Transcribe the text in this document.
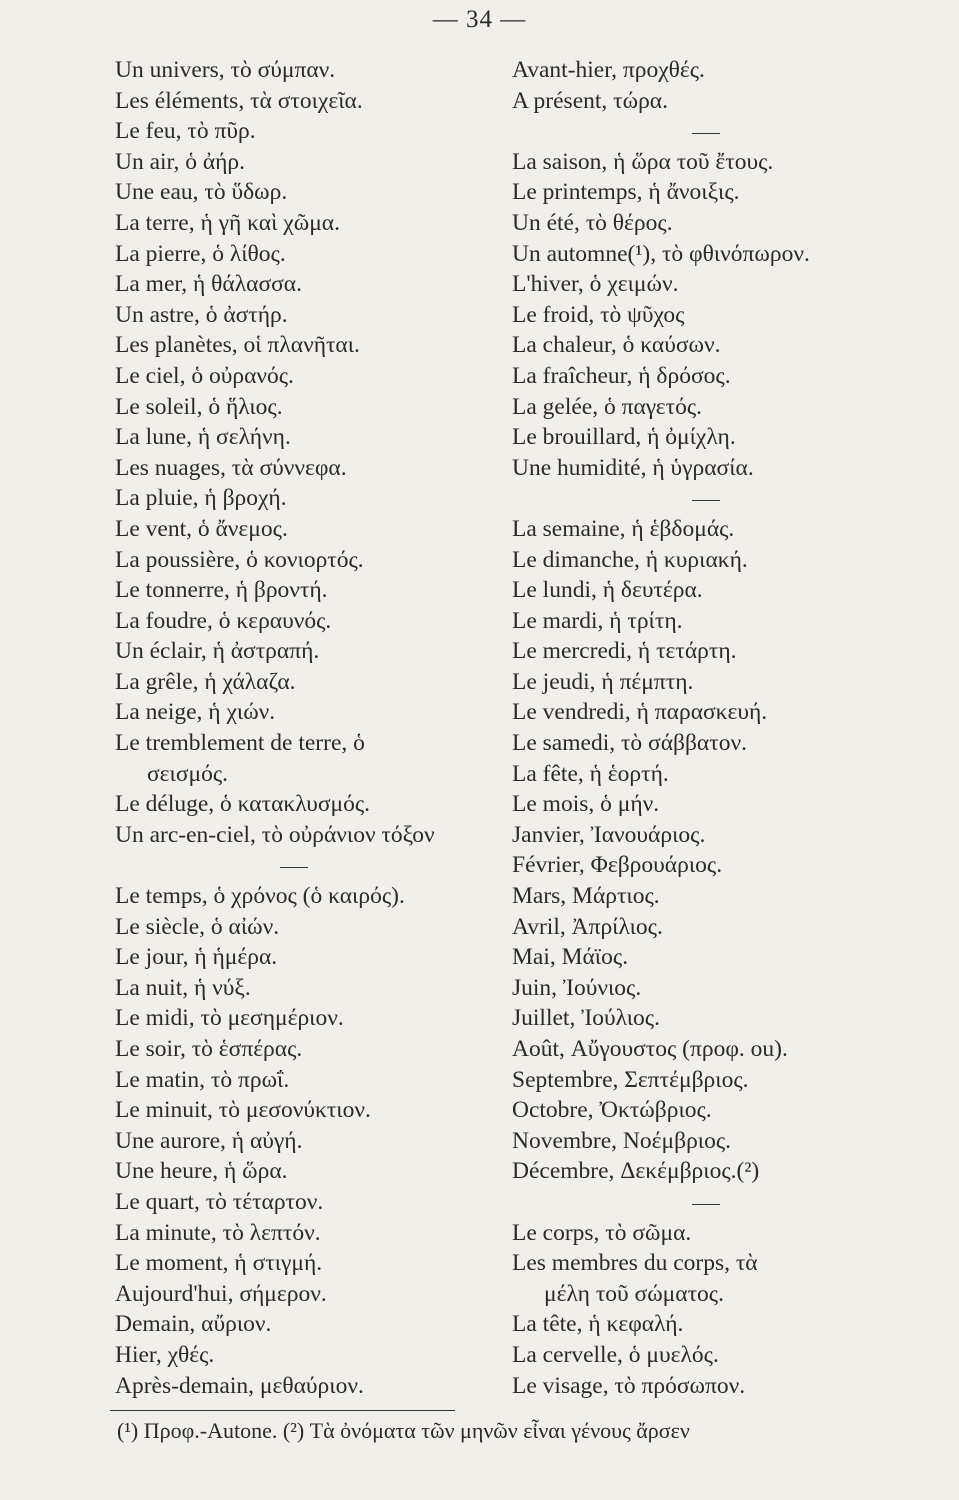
— 34 —
Un univers, τὸ σύμπαν.
Les éléments, τὰ στοιχεῖα.
Le feu, τὸ πῦρ.
Un air, ὁ ἀήρ.
Une eau, τὸ ὕδωρ.
La terre, ἡ γῆ καὶ χῶμα.
La pierre, ὁ λίθος.
La mer, ἡ θάλασσα.
Un astre, ὁ ἀστήρ.
Les planètes, οἱ πλανῆται.
Le ciel, ὁ οὐρανός.
Le soleil, ὁ ἥλιος.
La lune, ἡ σελήνη.
Les nuages, τὰ σύννεφα.
La pluie, ἡ βροχή.
Le vent, ὁ ἄνεμος.
La poussière, ὁ κονιορτός.
Le tonnerre, ἡ βροντή.
La foudre, ὁ κεραυνός.
Un éclair, ἡ ἀστραπή.
La grêle, ἡ χάλαζα.
La neige, ἡ χιών.
Le tremblement de terre, ὁ
σεισμός.
Le déluge, ὁ κατακλυσμός.
Un arc-en-ciel, τὸ οὐράνιον τόξον
Le temps, ὁ χρόνος (ὁ καιρός).
Le siècle, ὁ αἰών.
Le jour, ἡ ἡμέρα.
La nuit, ἡ νύξ.
Le midi, τὸ μεσημέριον.
Le soir, τὸ ἑσπέρας.
Le matin, τὸ πρωΐ.
Le minuit, τὸ μεσονύκτιον.
Une aurore, ἡ αὐγή.
Une heure, ἡ ὥρα.
Le quart, τὸ τέταρτον.
La minute, τὸ λεπτόν.
Le moment, ἡ στιγμή.
Aujourd'hui, σήμερον.
Demain, αὔριον.
Hier, χθές.
Après-demain, μεθαύριον.
Avant-hier, προχθές.
A présent, τώρα.
La saison, ἡ ὥρα τοῦ ἔτους.
Le printemps, ἡ ἄνοιξις.
Un été, τὸ θέρος.
Un automne(¹), τὸ φθινόπωρον.
L'hiver, ὁ χειμών.
Le froid, τὸ ψῦχος
La chaleur, ὁ καύσων.
La fraîcheur, ἡ δρόσος.
La gelée, ὁ παγετός.
Le brouillard, ἡ ὀμίχλη.
Une humidité, ἡ ὑγρασία.
La semaine, ἡ ἑβδομάς.
Le dimanche, ἡ κυριακή.
Le lundi, ἡ δευτέρα.
Le mardi, ἡ τρίτη.
Le mercredi, ἡ τετάρτη.
Le jeudi, ἡ πέμπτη.
Le vendredi, ἡ παρασκευή.
Le samedi, τὸ σάββατον.
La fête, ἡ ἑορτή.
Le mois, ὁ μήν.
Janvier, Ἰανουάριος.
Février, Φεβρουάριος.
Mars, Μάρτιος.
Avril, Ἀπρίλιος.
Mai, Μάϊος.
Juin, Ἰούνιος.
Juillet, Ἰούλιος.
Août, Αὔγουστος (προφ. ou).
Septembre, Σεπτέμβριος.
Octobre, Ὀκτώβριος.
Novembre, Νοέμβριος.
Décembre, Δεκέμβριος.(²)
Le corps, τὸ σῶμα.
Les membres du corps, τὰ
μέλη τοῦ σώματος.
La tête, ἡ κεφαλή.
La cervelle, ὁ μυελός.
Le visage, τὸ πρόσωπον.
(¹) Προφ.-Autone. (²) Τὰ ὀνόματα τῶν μηνῶν εἶναι γένους ἄρσεν
